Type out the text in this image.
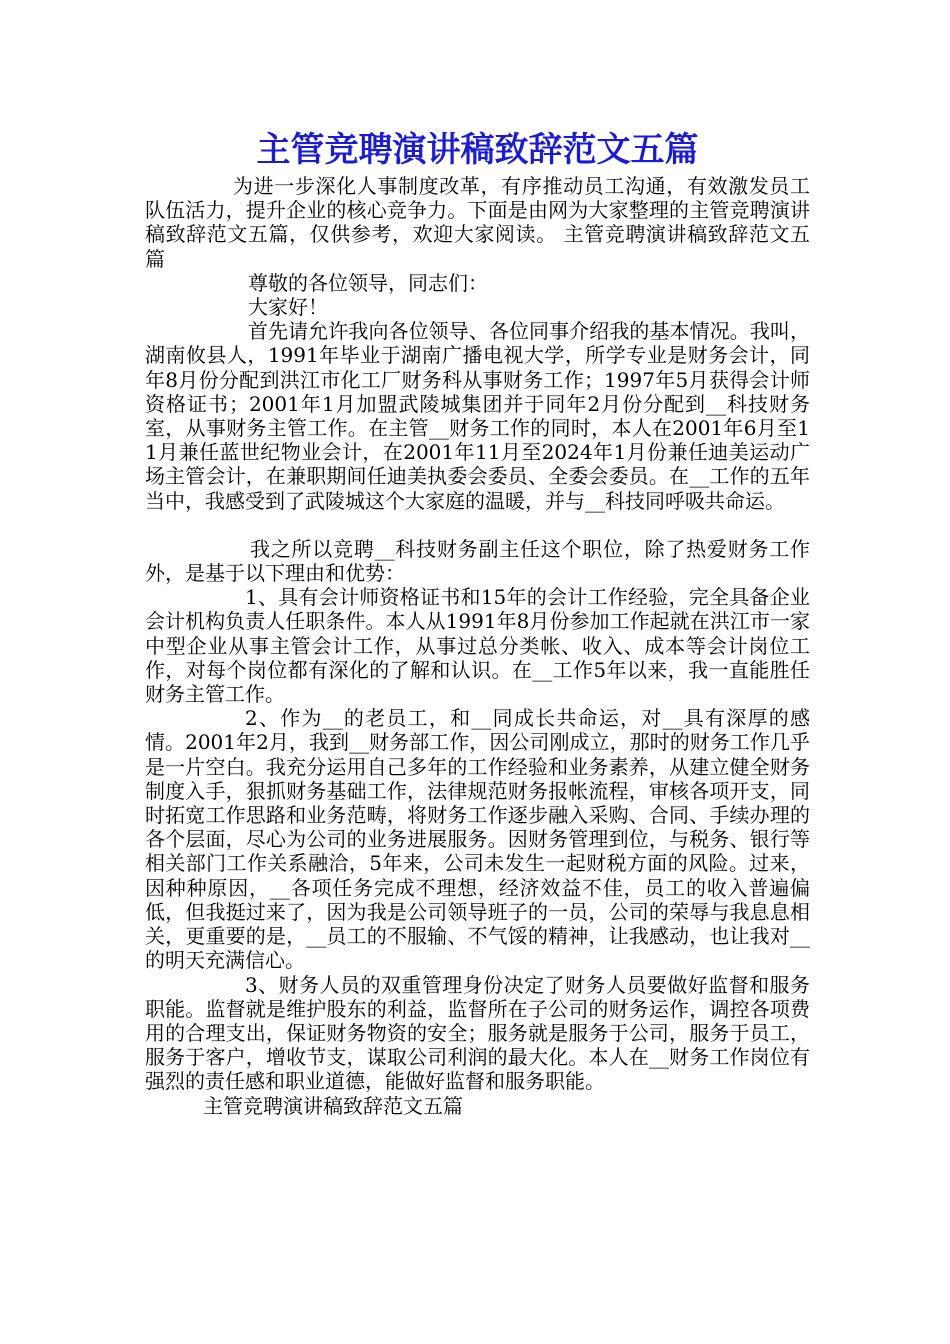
主管竞聘演讲稿致辞范文五篇

为进一步深化人事制度改革，有序推动员工沟通，有效激发员工队伍活力，提升企业的核心竞争力。下面是由网为大家整理的主管竞聘演讲稿致辞范文五篇，仅供参考，欢迎大家阅读。 主管竞聘演讲稿致辞范文五篇

尊敬的各位领导，同志们：

大家好！

首先请允许我向各位领导、各位同事介绍我的基本情况。我叫，湖南攸县人，1991年毕业于湖南广播电视大学，所学专业是财务会计，同年8月份分配到洪江市化工厂财务科从事财务工作；1997年5月获得会计师资格证书；2001年1月加盟武陵城集团并于同年2月份分配到__科技财务室，从事财务主管工作。在主管__财务工作的同时，本人在2001年6月至11月兼任蓝世纪物业会计，在2001年11月至2024年1月份兼任迪美运动广场主管会计，在兼职期间任迪美执委会委员、全委会委员。在__工作的五年当中，我感受到了武陵城这个大家庭的温暖，并与__科技同呼吸共命运。

我之所以竞聘__科技财务副主任这个职位，除了热爱财务工作外，是基于以下理由和优势：

1、具有会计师资格证书和15年的会计工作经验，完全具备企业会计机构负责人任职条件。本人从1991年8月份参加工作起就在洪江市一家中型企业从事主管会计工作，从事过总分类帐、收入、成本等会计岗位工作，对每个岗位都有深化的了解和认识。在__工作5年以来，我一直能胜任财务主管工作。

2、作为__的老员工，和__同成长共命运，对__具有深厚的感情。2001年2月，我到__财务部工作，因公司刚成立，那时的财务工作几乎是一片空白。我充分运用自己多年的工作经验和业务素养，从建立健全财务制度入手，狠抓财务基础工作，法律规范财务报帐流程，审核各项开支，同时拓宽工作思路和业务范畴，将财务工作逐步融入采购、合同、手续办理的各个层面，尽心为公司的业务进展服务。因财务管理到位，与税务、银行等相关部门工作关系融洽，5年来，公司未发生一起财税方面的风险。过来，因种种原因，__各项任务完成不理想，经济效益不佳，员工的收入普遍偏低，但我挺过来了，因为我是公司领导班子的一员，公司的荣辱与我息息相关，更重要的是，__员工的不服输、不气馁的精神，让我感动，也让我对__的明天充满信心。

3、财务人员的双重管理身份决定了财务人员要做好监督和服务职能。监督就是维护股东的利益，监督所在子公司的财务运作，调控各项费用的合理支出，保证财务物资的安全；服务就是服务于公司，服务于员工，服务于客户，增收节支，谋取公司利润的最大化。本人在__财务工作岗位有强烈的责任感和职业道德，能做好监督和服务职能。

主管竞聘演讲稿致辞范文五篇
